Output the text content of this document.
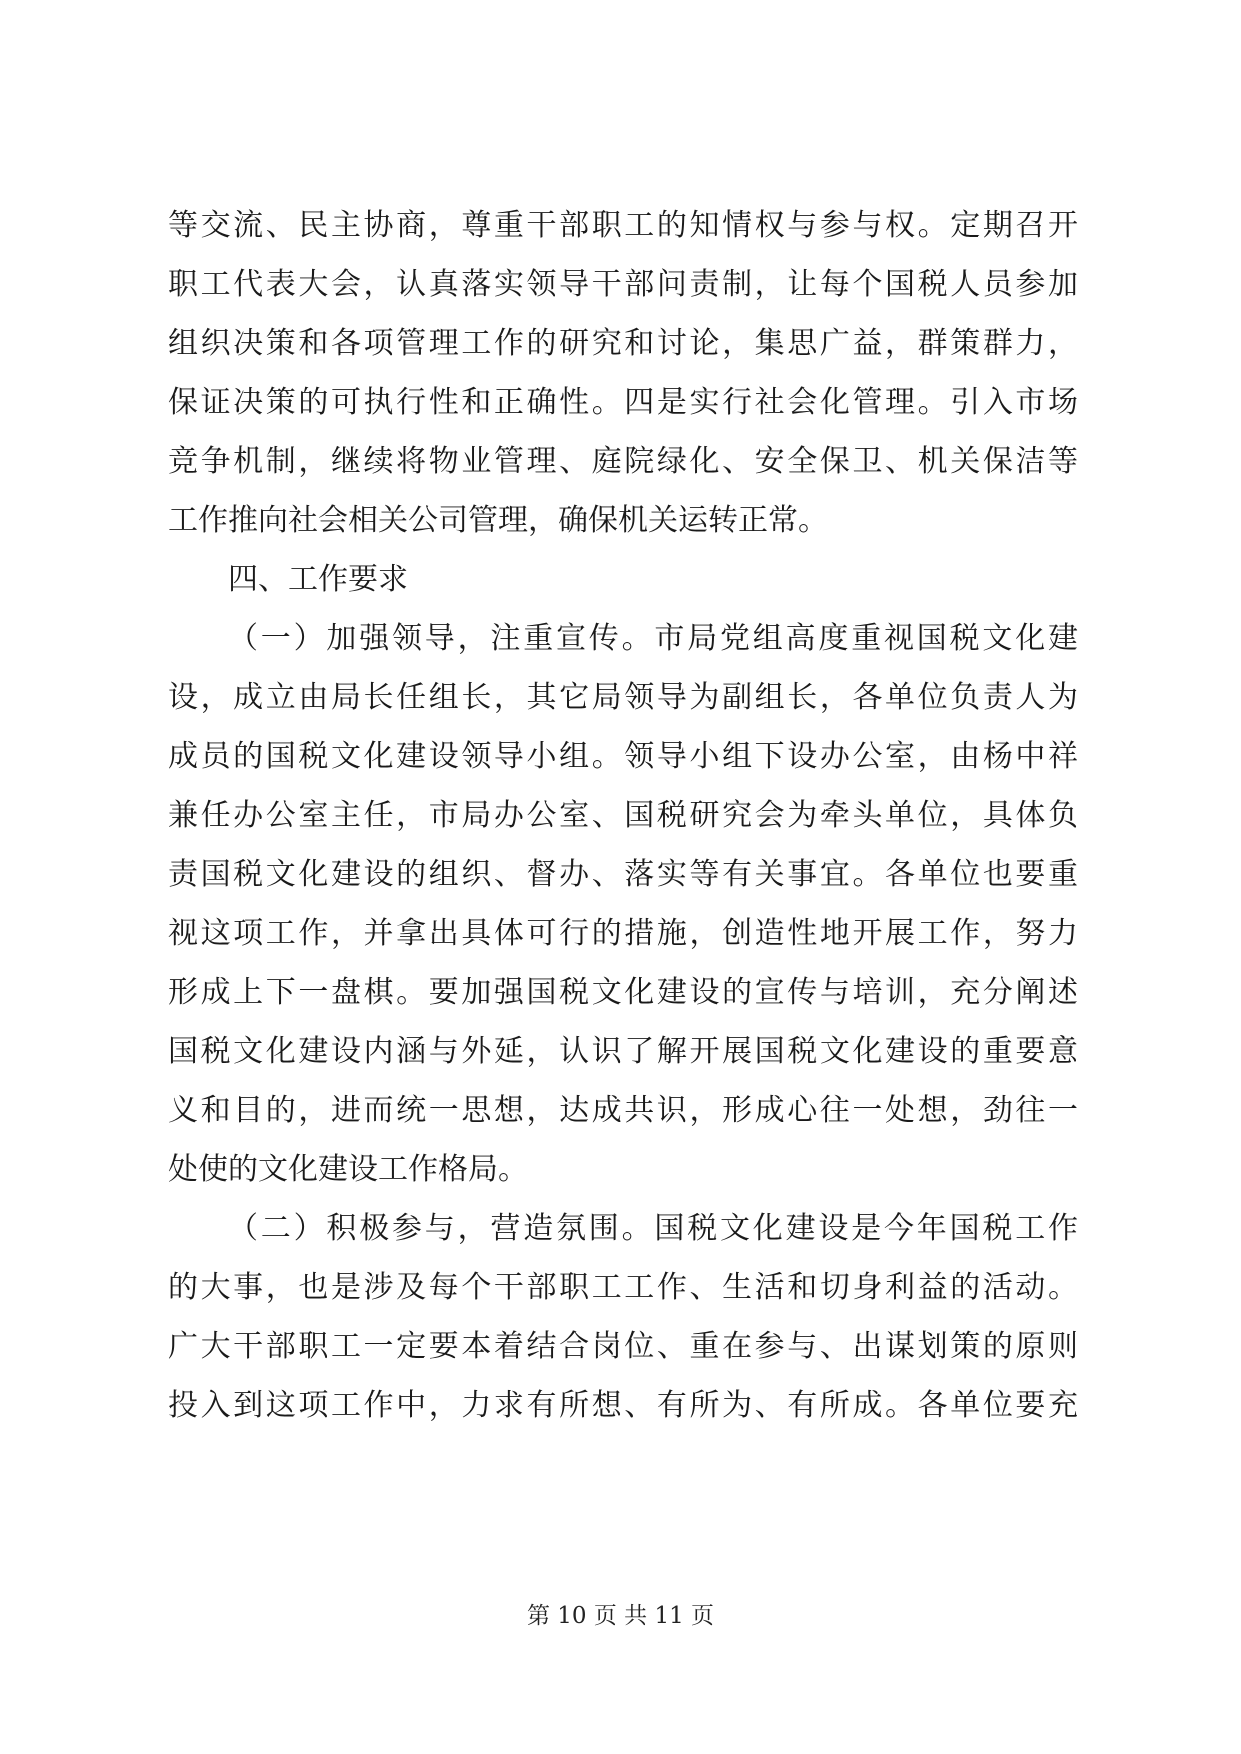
等交流、民主协商，尊重干部职工的知情权与参与权。定期召开
职工代表大会，认真落实领导干部问责制，让每个国税人员参加
组织决策和各项管理工作的研究和讨论，集思广益，群策群力，
保证决策的可执行性和正确性。四是实行社会化管理。引入市场
竞争机制，继续将物业管理、庭院绿化、安全保卫、机关保洁等
工作推向社会相关公司管理，确保机关运转正常。
四、工作要求
（一）加强领导，注重宣传。市局党组高度重视国税文化建
设，成立由局长任组长，其它局领导为副组长，各单位负责人为
成员的国税文化建设领导小组。领导小组下设办公室，由杨中祥
兼任办公室主任，市局办公室、国税研究会为牵头单位，具体负
责国税文化建设的组织、督办、落实等有关事宜。各单位也要重
视这项工作，并拿出具体可行的措施，创造性地开展工作，努力
形成上下一盘棋。要加强国税文化建设的宣传与培训，充分阐述
国税文化建设内涵与外延，认识了解开展国税文化建设的重要意
义和目的，进而统一思想，达成共识，形成心往一处想，劲往一
处使的文化建设工作格局。
（二）积极参与，营造氛围。国税文化建设是今年国税工作
的大事，也是涉及每个干部职工工作、生活和切身利益的活动。
广大干部职工一定要本着结合岗位、重在参与、出谋划策的原则
投入到这项工作中，力求有所想、有所为、有所成。各单位要充
第 10 页 共 11 页
